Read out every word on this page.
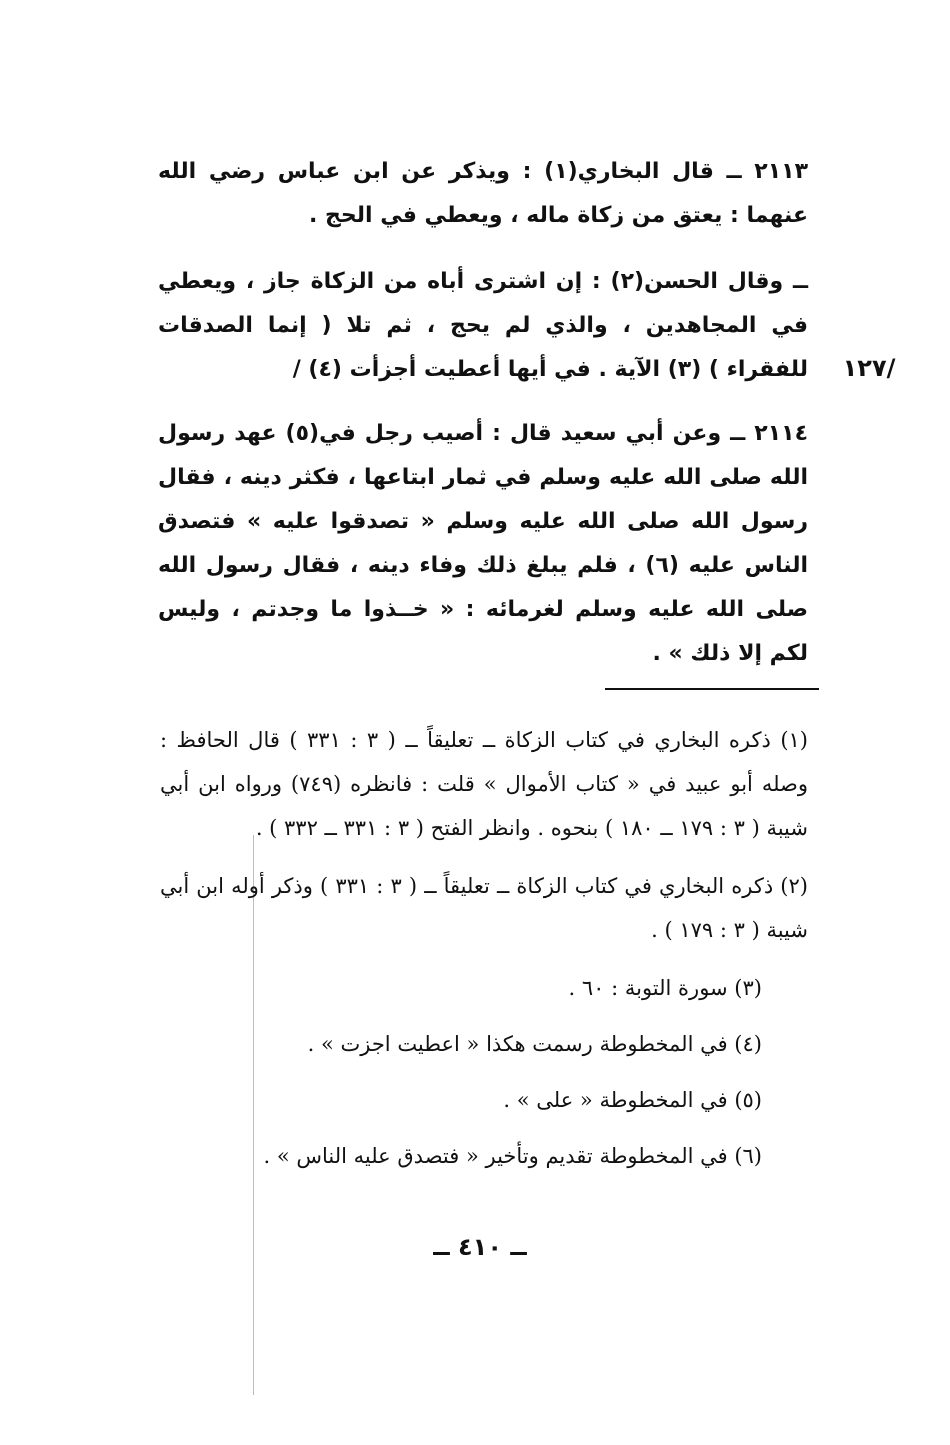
/١٢٧

٢١١٣ ــ قال البخاري(١) : ويذكر عن ابن عباس رضي الله عنهما : يعتق من زكاة ماله ، ويعطي في الحج .

ــ وقال الحسن(٢) : إن اشترى أباه من الزكاة جاز ، ويعطي في المجاهدين ، والذي لم يحج ، ثم تلا ( إنما الصدقات للفقراء ) (٣) الآية . في أيها أعطيت أجزأت (٤) /

٢١١٤ ــ وعن أبي سعيد قال : أصيب رجل في(٥) عهد رسول الله صلى الله عليه وسلم في ثمار ابتاعها ، فكثر دينه ، فقال رسول الله صلى الله عليه وسلم « تصدقوا عليه » فتصدق الناس عليه (٦) ، فلم يبلغ ذلك وفاء دينه ، فقال رسول الله صلى الله عليه وسلم لغرمائه : « خــذوا ما وجدتم ، وليس لكم إلا ذلك » .

(١) ذكره البخاري في كتاب الزكاة ــ تعليقاً ــ ( ٣ : ٣٣١ ) قال الحافظ : وصله أبو عبيد في « كتاب الأموال » قلت : فانظره (٧٤٩) ورواه ابن أبي شيبة ( ٣ : ١٧٩ ــ ١٨٠ ) بنحوه . وانظر الفتح ( ٣ : ٣٣١ ــ ٣٣٢ ) .

(٢) ذكره البخاري في كتاب الزكاة ــ تعليقاً ــ ( ٣ : ٣٣١ ) وذكر أوله ابن أبي شيبة ( ٣ : ١٧٩ ) .

(٣) سورة التوبة : ٦٠ .

(٤) في المخطوطة رسمت هكذا « اعطيت اجزت » .

(٥) في المخطوطة « على » .

(٦) في المخطوطة تقديم وتأخير « فتصدق عليه الناس » .

ــ ٤١٠ ــ
